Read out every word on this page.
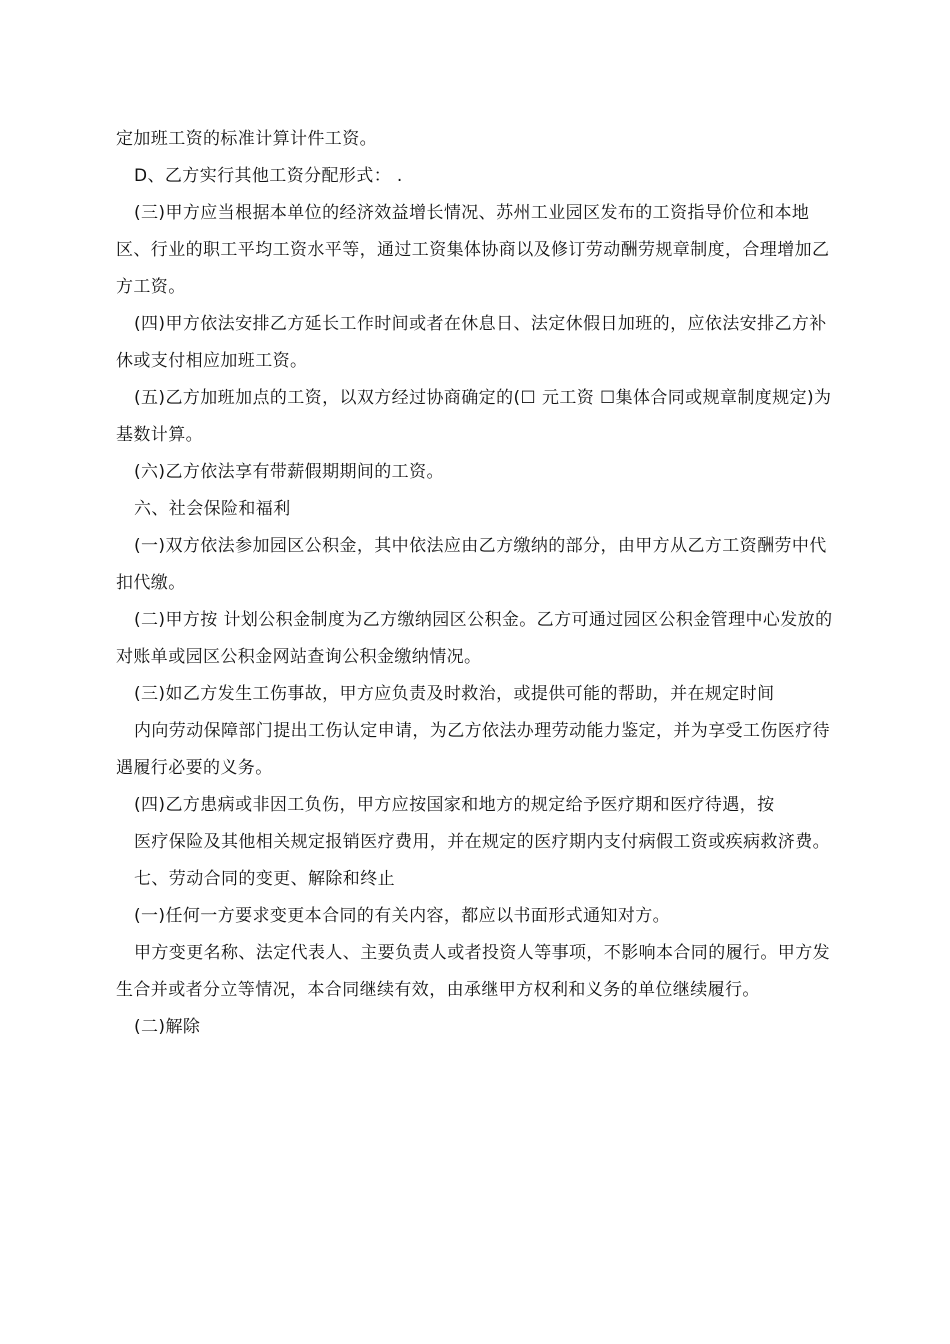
定加班工资的标准计算计件工资。

D、乙方实行其他工资分配形式： .

(三)甲方应当根据本单位的经济效益增长情况、苏州工业园区发布的工资指导价位和本地区、行业的职工平均工资水平等，通过工资集体协商以及修订劳动酬劳规章制度，合理增加乙方工资。

(四)甲方依法安排乙方延长工作时间或者在休息日、法定休假日加班的，应依法安排乙方补休或支付相应加班工资。

(五)乙方加班加点的工资，以双方经过协商确定的(☐ 元工资 ☐集体合同或规章制度规定)为基数计算。

(六)乙方依法享有带薪假期期间的工资。

六、社会保险和福利

(一)双方依法参加园区公积金，其中依法应由乙方缴纳的部分，由甲方从乙方工资酬劳中代扣代缴。

(二)甲方按 计划公积金制度为乙方缴纳园区公积金。乙方可通过园区公积金管理中心发放的对账单或园区公积金网站查询公积金缴纳情况。

(三)如乙方发生工伤事故，甲方应负责及时救治，或提供可能的帮助，并在规定时间

内向劳动保障部门提出工伤认定申请，为乙方依法办理劳动能力鉴定，并为享受工伤医疗待遇履行必要的义务。

(四)乙方患病或非因工负伤，甲方应按国家和地方的规定给予医疗期和医疗待遇，按

医疗保险及其他相关规定报销医疗费用，并在规定的医疗期内支付病假工资或疾病救济费。

七、劳动合同的变更、解除和终止

(一)任何一方要求变更本合同的有关内容，都应以书面形式通知对方。

甲方变更名称、法定代表人、主要负责人或者投资人等事项，不影响本合同的履行。甲方发生合并或者分立等情况，本合同继续有效，由承继甲方权利和义务的单位继续履行。

(二)解除
